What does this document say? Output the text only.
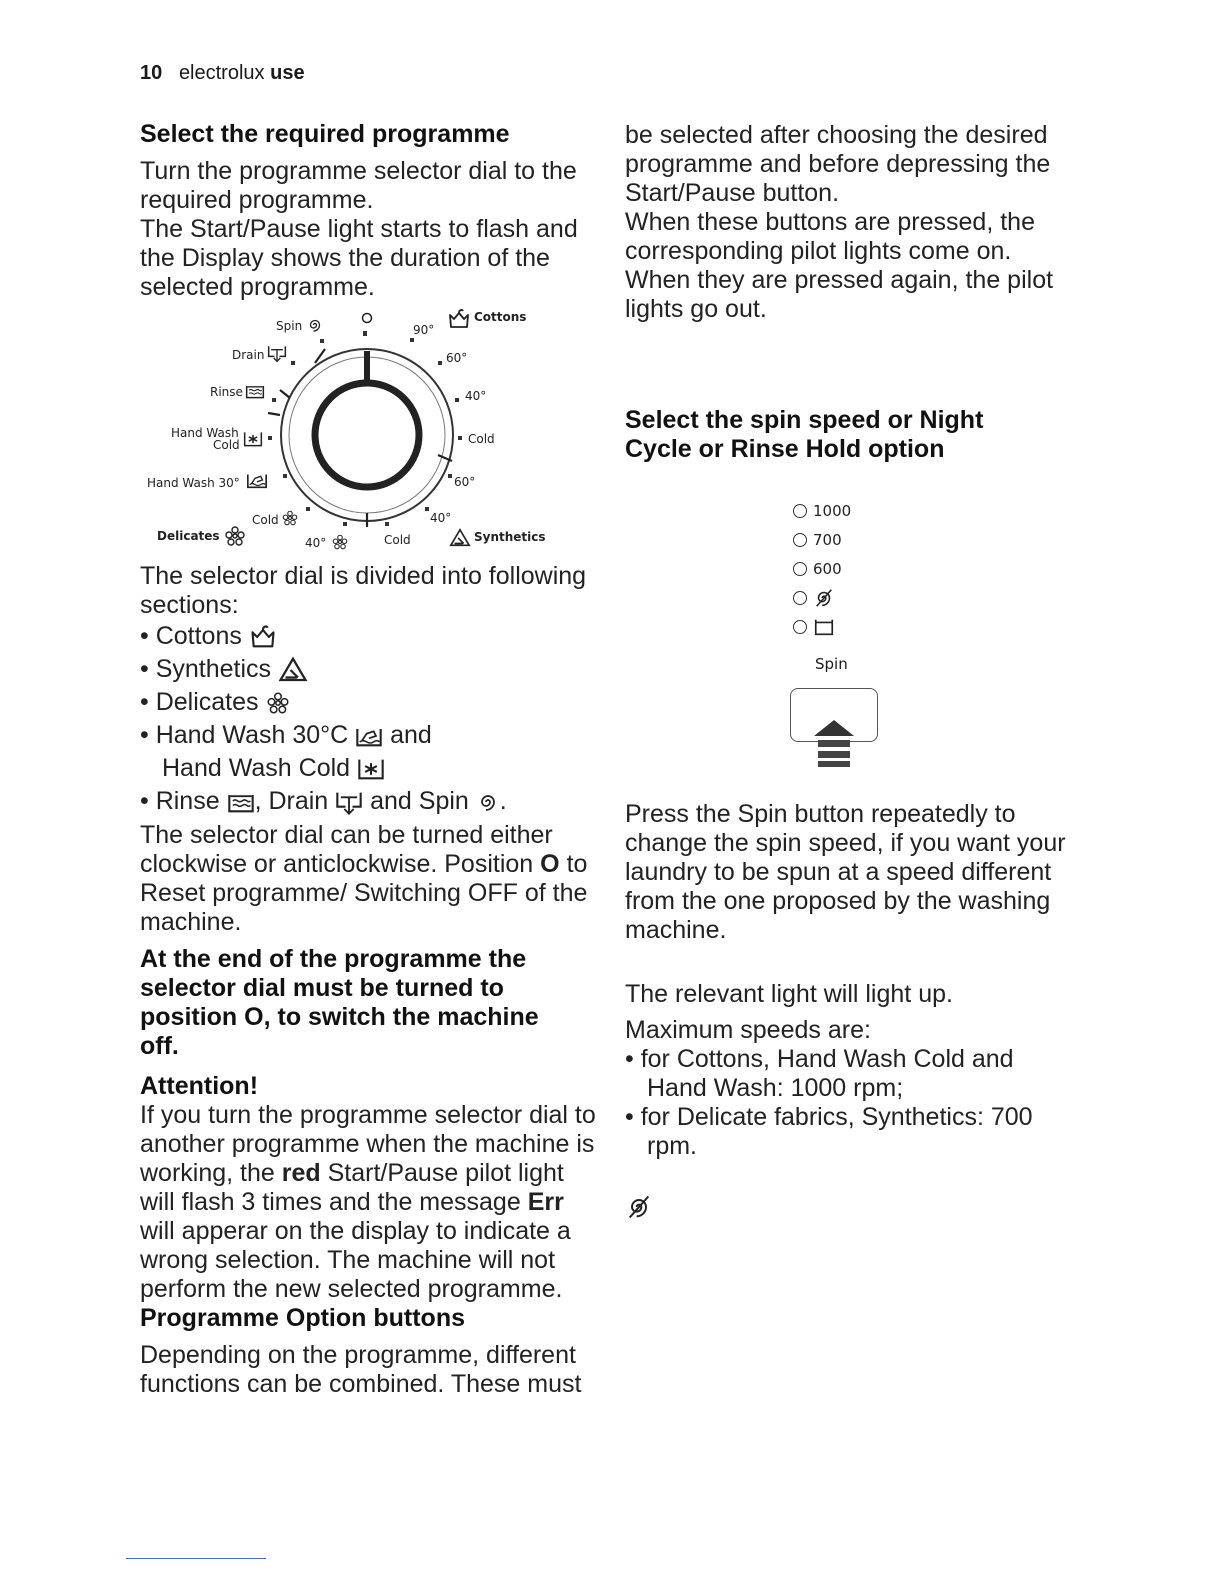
10 electrolux use
Select the required programme

Turn the programme selector dial to the required programme.

The Start/Pause light starts to flash and the Display shows the duration of the selected programme.

Spin
Drain
Rinse
Hand Wash
Cold
Hand Wash 30°
Cold
Delicates	40°	Cold
40°
Synthetics
60°
Cold
40°
60°
90°
Cottons

The selector dial is divided into following sections:

• Cottons
• Synthetics
• Delicates
• Hand Wash 30°C and
Hand Wash Cold
• Rinse , Drain and Spin .

The selector dial can be turned either clockwise or anticlockwise. Position O to Reset programme/ Switching OFF of the machine.

At the end of the programme the selector dial must be turned to position O, to switch the machine off.

Attention!

If you turn the programme selector dial to another programme when the machine is working, the red Start/Pause pilot light will flash 3 times and the message Err will apperar on the display to indicate a wrong selection. The machine will not perform the new selected programme.

Programme Option buttons

Depending on the programme, different functions can be combined. These must

be selected after choosing the desired programme and before depressing the Start/Pause button.

When these buttons are pressed, the corresponding pilot lights come on.

When they are pressed again, the pilot lights go out.

Select the spin speed or Night Cycle or Rinse Hold option
1000
700
600
Spin

Press the Spin button repeatedly to change the spin speed, if you want your laundry to be spun at a speed different from the one proposed by the washing machine.

The relevant light will light up.

Maximum speeds are:

• for Cottons, Hand Wash Cold and
Hand Wash: 1000 rpm;
• for Delicate fabrics, Synthetics: 700
rpm.
